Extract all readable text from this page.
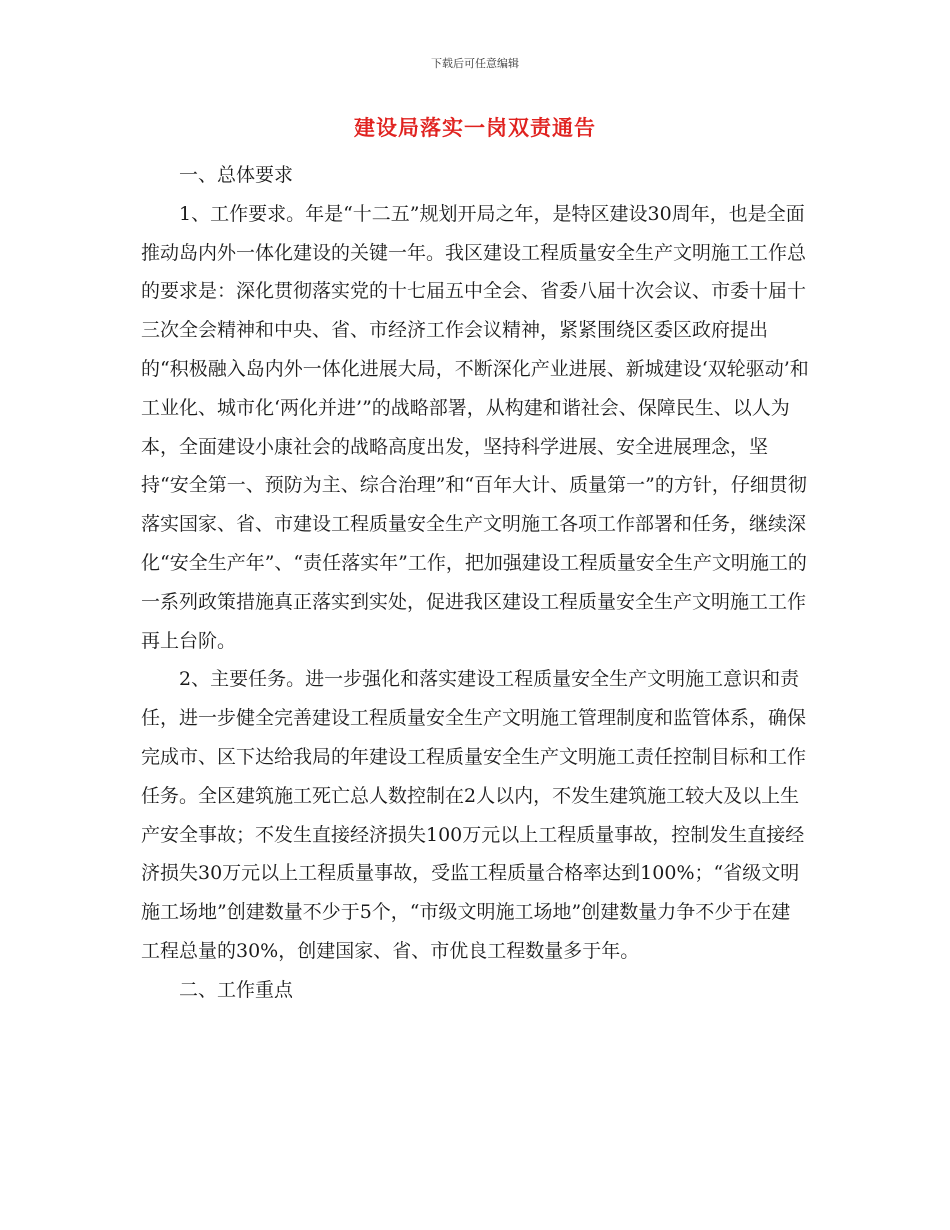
下载后可任意编辑
建设局落实一岗双责通告

一、总体要求

1、工作要求。年是“十二五”规划开局之年，是特区建设30周年，也是全面推动岛内外一体化建设的关键一年。我区建设工程质量安全生产文明施工工作总的要求是：深化贯彻落实党的十七届五中全会、省委八届十次会议、市委十届十三次全会精神和中央、省、市经济工作会议精神，紧紧围绕区委区政府提出的“积极融入岛内外一体化进展大局，不断深化产业进展、新城建设‘双轮驱动’和工业化、城市化‘两化并进’”的战略部署，从构建和谐社会、保障民生、以人为本，全面建设小康社会的战略高度出发，坚持科学进展、安全进展理念，坚持“安全第一、预防为主、综合治理”和“百年大计、质量第一”的方针，仔细贯彻落实国家、省、市建设工程质量安全生产文明施工各项工作部署和任务，继续深化“安全生产年”、“责任落实年”工作，把加强建设工程质量安全生产文明施工的一系列政策措施真正落实到实处，促进我区建设工程质量安全生产文明施工工作再上台阶。

2、主要任务。进一步强化和落实建设工程质量安全生产文明施工意识和责任，进一步健全完善建设工程质量安全生产文明施工管理制度和监管体系，确保完成市、区下达给我局的年建设工程质量安全生产文明施工责任控制目标和工作任务。全区建筑施工死亡总人数控制在2人以内，不发生建筑施工较大及以上生产安全事故；不发生直接经济损失100万元以上工程质量事故，控制发生直接经济损失30万元以上工程质量事故，受监工程质量合格率达到100%；“省级文明施工场地”创建数量不少于5个，“市级文明施工场地”创建数量力争不少于在建工程总量的30%，创建国家、省、市优良工程数量多于年。

二、工作重点
